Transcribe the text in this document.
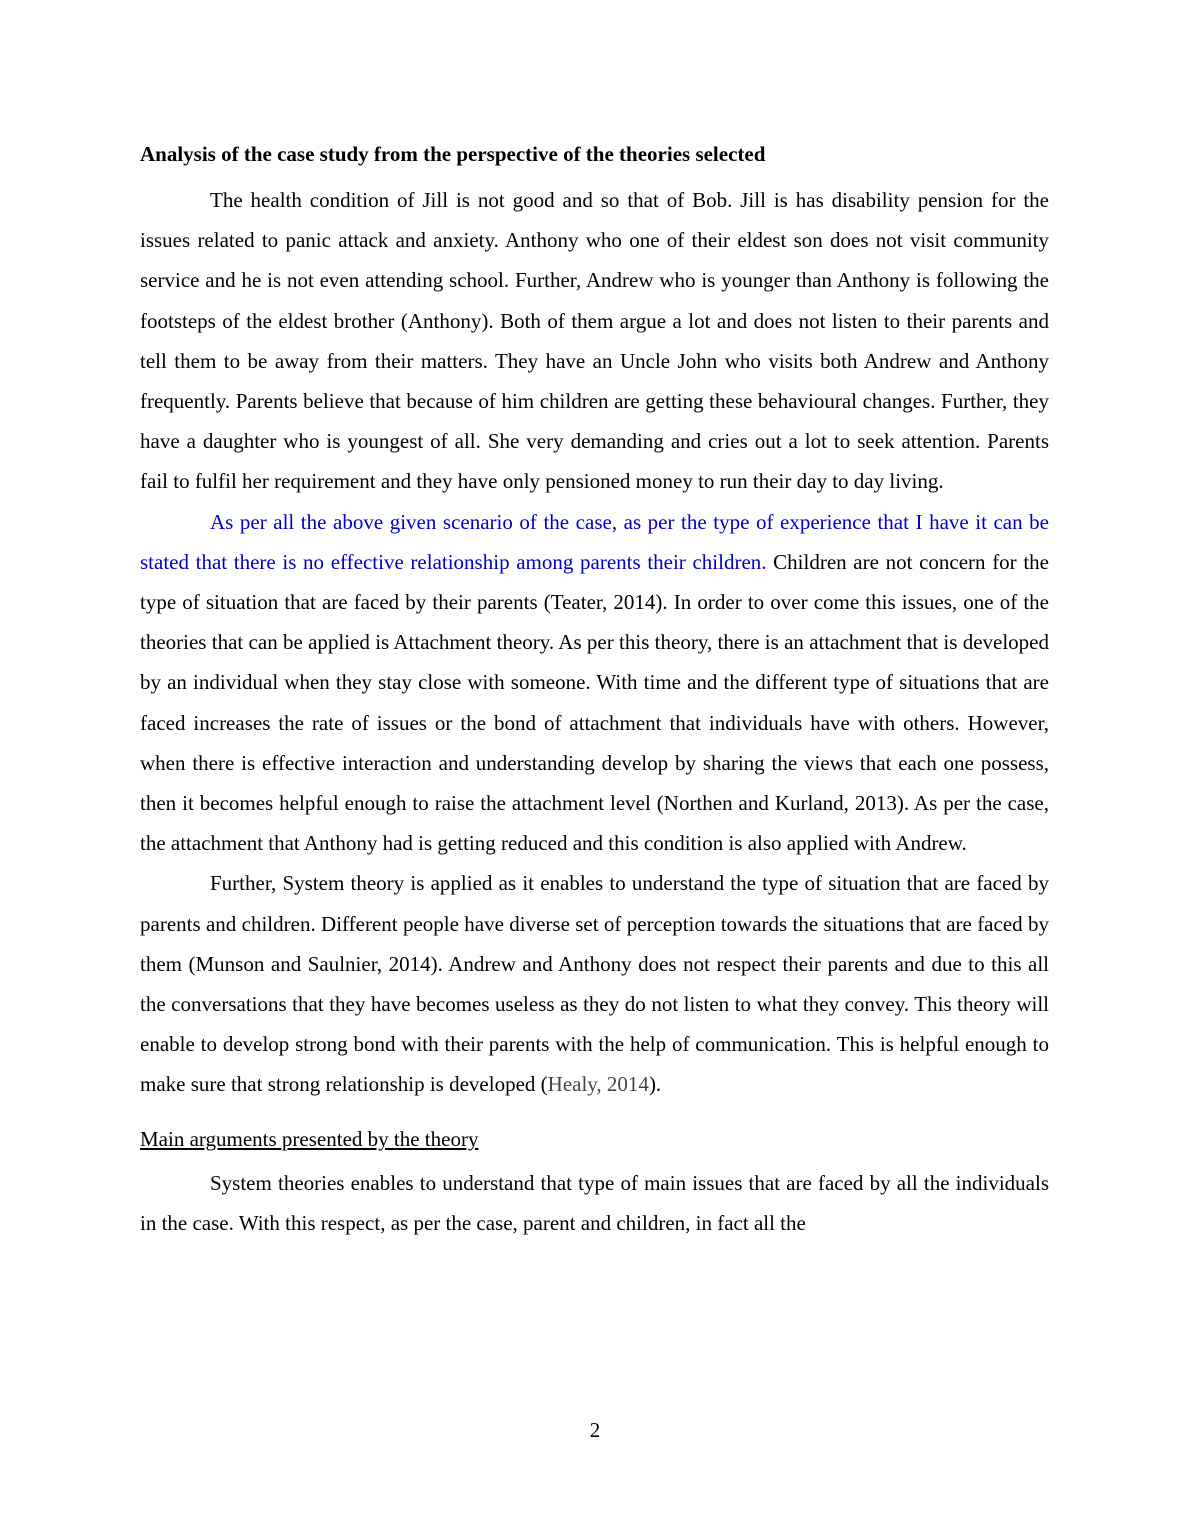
Analysis of the case study from the perspective of the theories selected

The health condition of Jill is not good and so that of Bob. Jill is has disability pension for the issues related to panic attack and anxiety. Anthony who one of their eldest son does not visit community service and he is not even attending school. Further, Andrew who is younger than Anthony is following the footsteps of the eldest brother (Anthony). Both of them argue a lot and does not listen to their parents and tell them to be away from their matters. They have an Uncle John who visits both Andrew and Anthony frequently. Parents believe that because of him children are getting these behavioural changes. Further, they have a daughter who is youngest of all. She very demanding and cries out a lot to seek attention. Parents fail to fulfil her requirement and they have only pensioned money to run their day to day living.

As per all the above given scenario of the case, as per the type of experience that I have it can be stated that there is no effective relationship among parents their children. Children are not concern for the type of situation that are faced by their parents (Teater, 2014). In order to over come this issues, one of the theories that can be applied is Attachment theory. As per this theory, there is an attachment that is developed by an individual when they stay close with someone. With time and the different type of situations that are faced increases the rate of issues or the bond of attachment that individuals have with others. However, when there is effective interaction and understanding develop by sharing the views that each one possess, then it becomes helpful enough to raise the attachment level (Northen and Kurland, 2013). As per the case, the attachment that Anthony had is getting reduced and this condition is also applied with Andrew.

Further, System theory is applied as it enables to understand the type of situation that are faced by parents and children. Different people have diverse set of perception towards the situations that are faced by them (Munson and Saulnier, 2014). Andrew and Anthony does not respect their parents and due to this all the conversations that they have becomes useless as they do not listen to what they convey. This theory will enable to develop strong bond with their parents with the help of communication. This is helpful enough to make sure that strong relationship is developed (Healy, 2014).

Main arguments presented by the theory

System theories enables to understand that type of main issues that are faced by all the individuals in the case. With this respect, as per the case, parent and children, in fact all the

2
